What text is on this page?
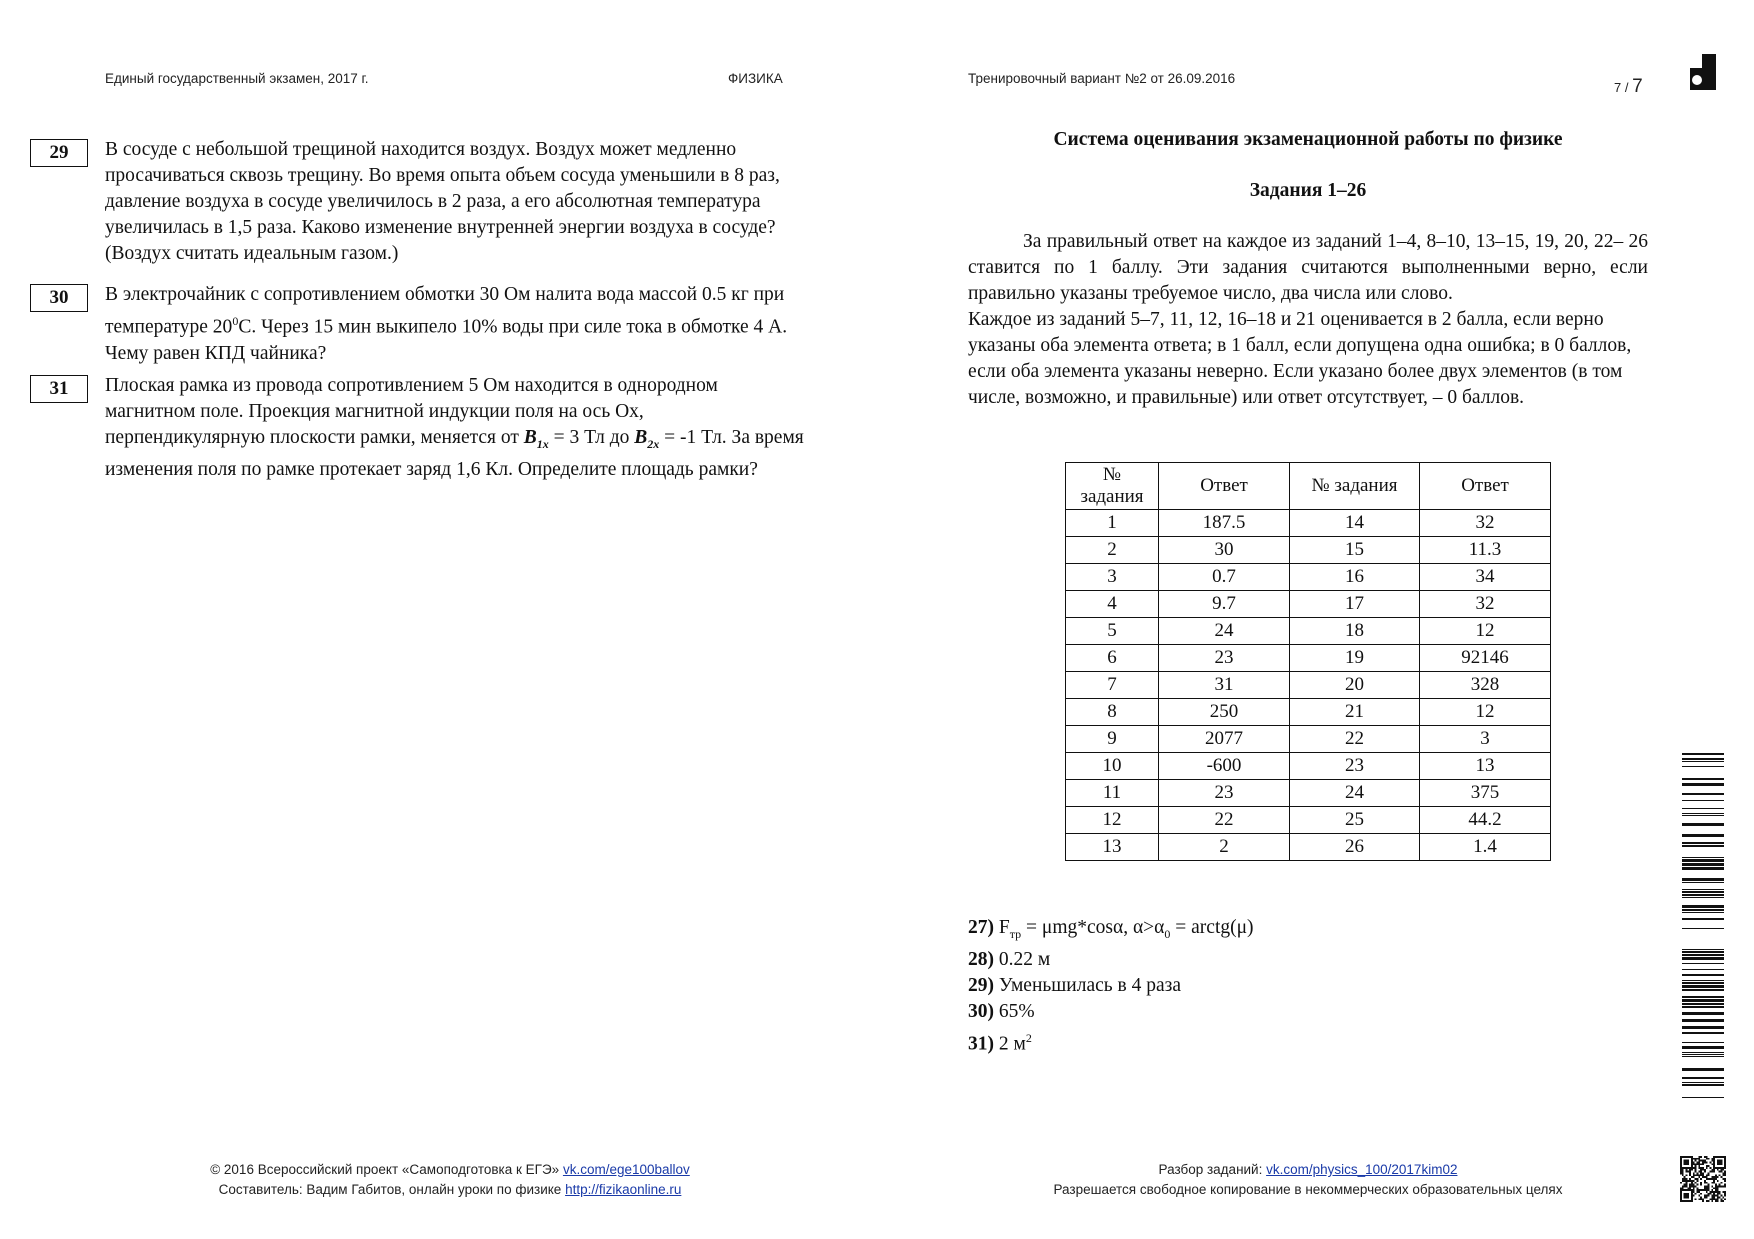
Единый государственный экзамен, 2017 г.	ФИЗИКА	Тренировочный вариант №2 от 26.09.2016
7 / 7
29	В сосуде с небольшой трещиной находится воздух. Воздух может медленно просачиваться сквозь трещину. Во время опыта объем сосуда уменьшили в 8 раз, давление воздуха в сосуде увеличилось в 2 раза, а его абсолютная температура увеличилась в 1,5 раза. Каково изменение внутренней энергии воздуха в сосуде? (Воздух считать идеальным газом.)
30	В электрочайник с сопротивлением обмотки 30 Ом налита вода массой 0.5 кг при температуре $20^0С$. Через 15 мин выкипело 10% воды при силе тока в обмотке 4 А. Чему равен КПД чайника?
31	Плоская рамка из провода сопротивлением 5 Ом находится в однородном магнитном поле. Проекция магнитной индукции поля на ось Ox, перпендикулярную плоскости рамки, меняется от $B_{1x} = 3$ Тл до $B_{2x} = -1$ Тл. За время изменения поля по рамке протекает заряд 1,6 Кл. Определите площадь рамки?
Система оценивания экзаменационной работы по физике
Задания 1–26

За правильный ответ на каждое из заданий 1–4, 8–10, 13–15, 19, 20, 22– 26 ставится по 1 баллу. Эти задания считаются выполненными верно, если правильно указаны требуемое число, два числа или слово.

Каждое из заданий 5–7, 11, 12, 16–18 и 21 оценивается в 2 балла, если верно указаны оба элемента ответа; в 1 балл, если допущена одна ошибка; в 0 баллов, если оба элемента указаны неверно. Если указано более двух элементов (в том числе, возможно, и правильные) или ответ отсутствует, – 0 баллов.

№ задания	Ответ	№ задания	Ответ
1	187.5	14	32
2	30	15	11.3
3	0.7	16	34
4	9.7	17	32
5	24	18	12
6	23	19	92146
7	31	20	328
8	250	21	12
9	2077	22	3
10	-600	23	13
11	23	24	375
12	22	25	44.2
13	2	26	1.4
27) $F_{тр} = \mu mg*\cos\alpha$, $\alpha>\alpha_0$ = arctg(μ)
28) 0.22 м
29) Уменьшилась в 4 раза
30) 65%
31) 2 $м^2$
© 2016 Всероссийский проект «Самоподготовка к ЕГЭ» vk.com/ege100ballov
Составитель: Вадим Габитов, онлайн уроки по физике http://fizikaonline.ru
Разбор заданий: vk.com/physics_100/2017kim02
Разрешается свободное копирование в некоммерческих образовательных целях
